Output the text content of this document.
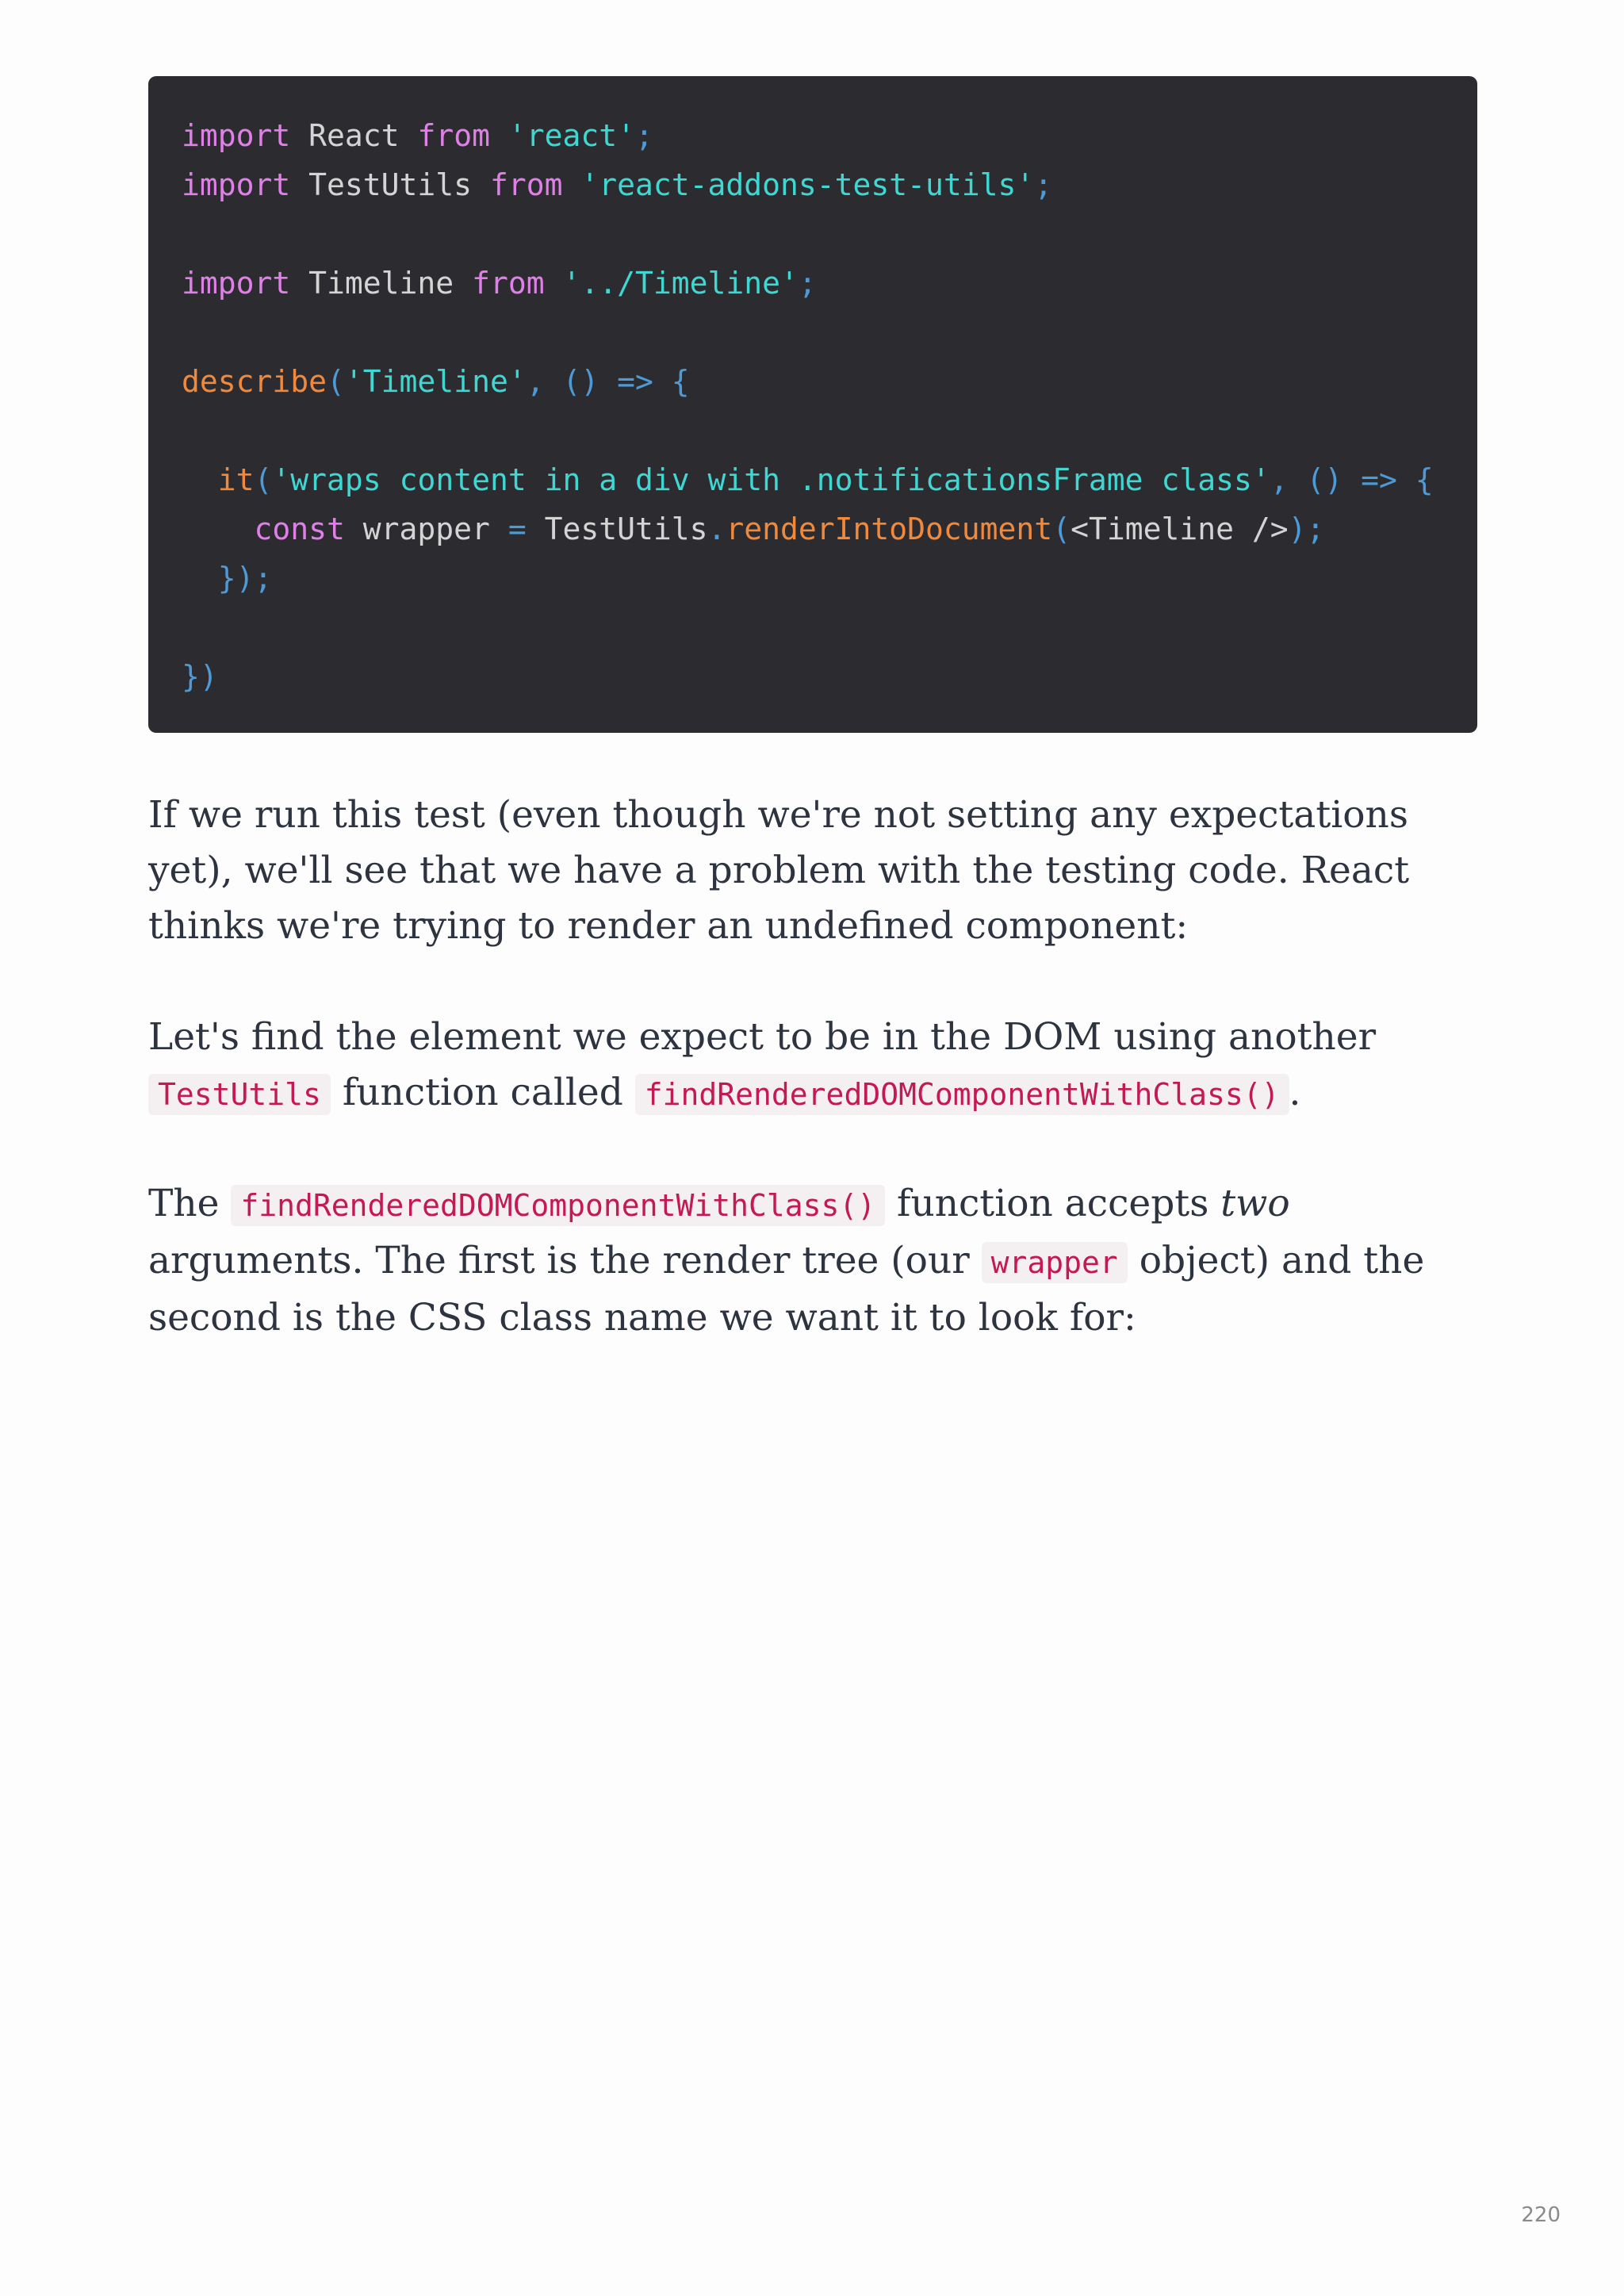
import React from 'react';
import TestUtils from 'react-addons-test-utils';
import Timeline from '../Timeline';
describe('Timeline', () => {
it('wraps content in a div with .notificationsFrame class', () => {
const wrapper = TestUtils.renderIntoDocument(<Timeline />);
});
})

If we run this test (even though we're not setting any expectations yet), we'll see that we have a problem with the testing code. React thinks we're trying to render an undefined component:

Let's find the element we expect to be in the DOM using another TestUtils function called findRenderedDOMComponentWithClass() .

The findRenderedDOMComponentWithClass() function accepts two arguments. The first is the render tree (our wrapper object) and the second is the CSS class name we want it to look for:

220
